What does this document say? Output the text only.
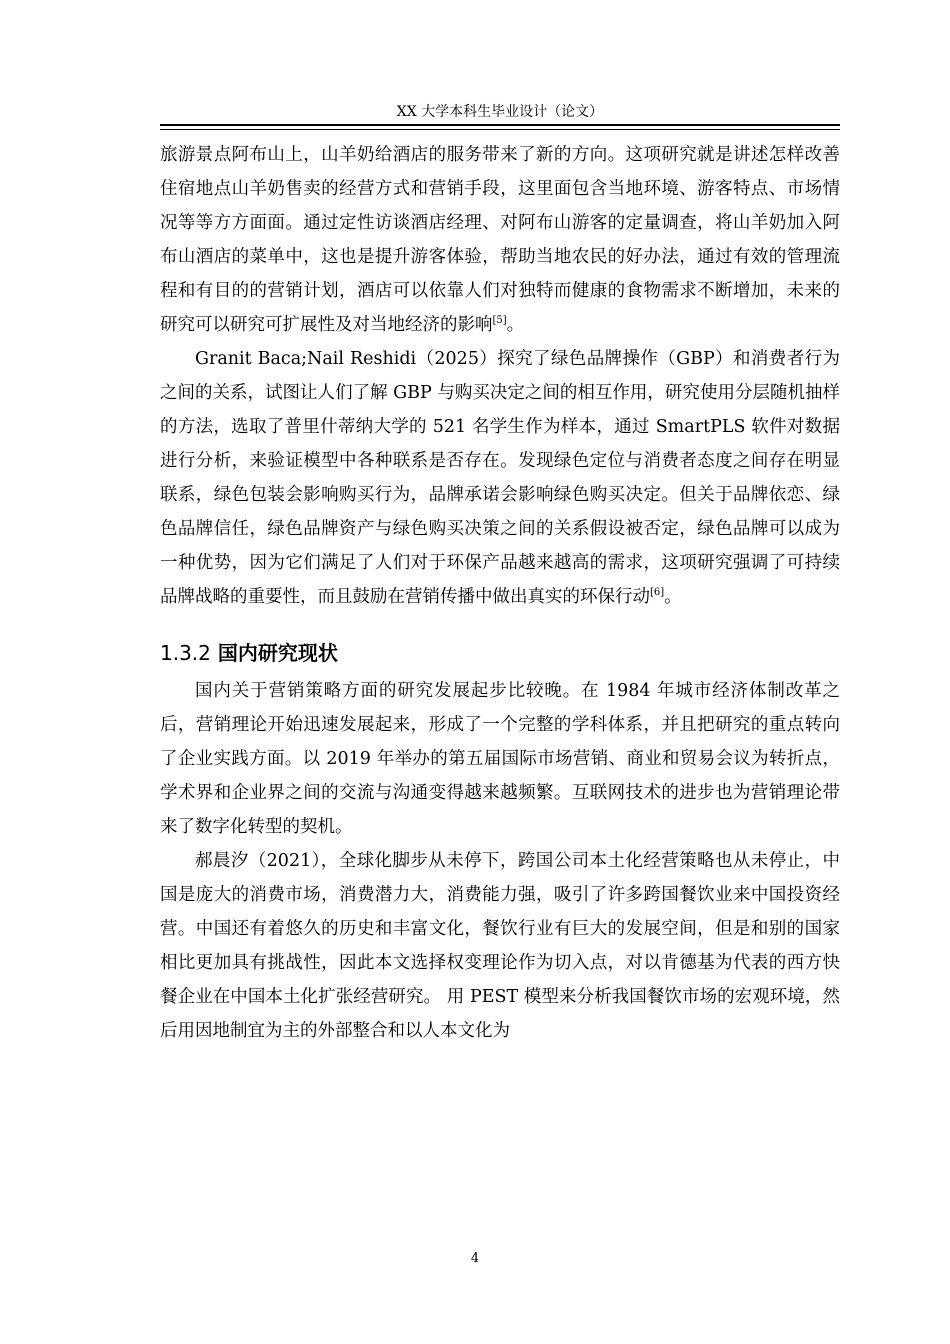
XX 大学本科生毕业设计（论文）

旅游景点阿布山上，山羊奶给酒店的服务带来了新的方向。这项研究就是讲述怎样改善住宿地点山羊奶售卖的经营方式和营销手段，这里面包含当地环境、游客特点、市场情况等等方方面面。通过定性访谈酒店经理、对阿布山游客的定量调查，将山羊奶加入阿布山酒店的菜单中，这也是提升游客体验，帮助当地农民的好办法，通过有效的管理流程和有目的的营销计划，酒店可以依靠人们对独特而健康的食物需求不断增加，未来的研究可以研究可扩展性及对当地经济的影响[5]。

Granit Baca;Nail Reshidi（2025）探究了绿色品牌操作（GBP）和消费者行为之间的关系，试图让人们了解 GBP 与购买决定之间的相互作用，研究使用分层随机抽样的方法，选取了普里什蒂纳大学的 521 名学生作为样本，通过 SmartPLS 软件对数据进行分析，来验证模型中各种联系是否存在。发现绿色定位与消费者态度之间存在明显联系，绿色包装会影响购买行为，品牌承诺会影响绿色购买决定。但关于品牌依恋、绿色品牌信任，绿色品牌资产与绿色购买决策之间的关系假设被否定，绿色品牌可以成为一种优势，因为它们满足了人们对于环保产品越来越高的需求，这项研究强调了可持续品牌战略的重要性，而且鼓励在营销传播中做出真实的环保行动[6]。

1.3.2 国内研究现状

国内关于营销策略方面的研究发展起步比较晚。在 1984 年城市经济体制改革之后，营销理论开始迅速发展起来，形成了一个完整的学科体系，并且把研究的重点转向了企业实践方面。以 2019 年举办的第五届国际市场营销、商业和贸易会议为转折点，学术界和企业界之间的交流与沟通变得越来越频繁。互联网技术的进步也为营销理论带来了数字化转型的契机。

郝晨汐（2021），全球化脚步从未停下，跨国公司本土化经营策略也从未停止，中国是庞大的消费市场，消费潜力大，消费能力强，吸引了许多跨国餐饮业来中国投资经营。中国还有着悠久的历史和丰富文化，餐饮行业有巨大的发展空间，但是和别的国家相比更加具有挑战性，因此本文选择权变理论作为切入点，对以肯德基为代表的西方快餐企业在中国本土化扩张经营研究。 用 PEST 模型来分析我国餐饮市场的宏观环境，然后用因地制宜为主的外部整合和以人本文化为

4
